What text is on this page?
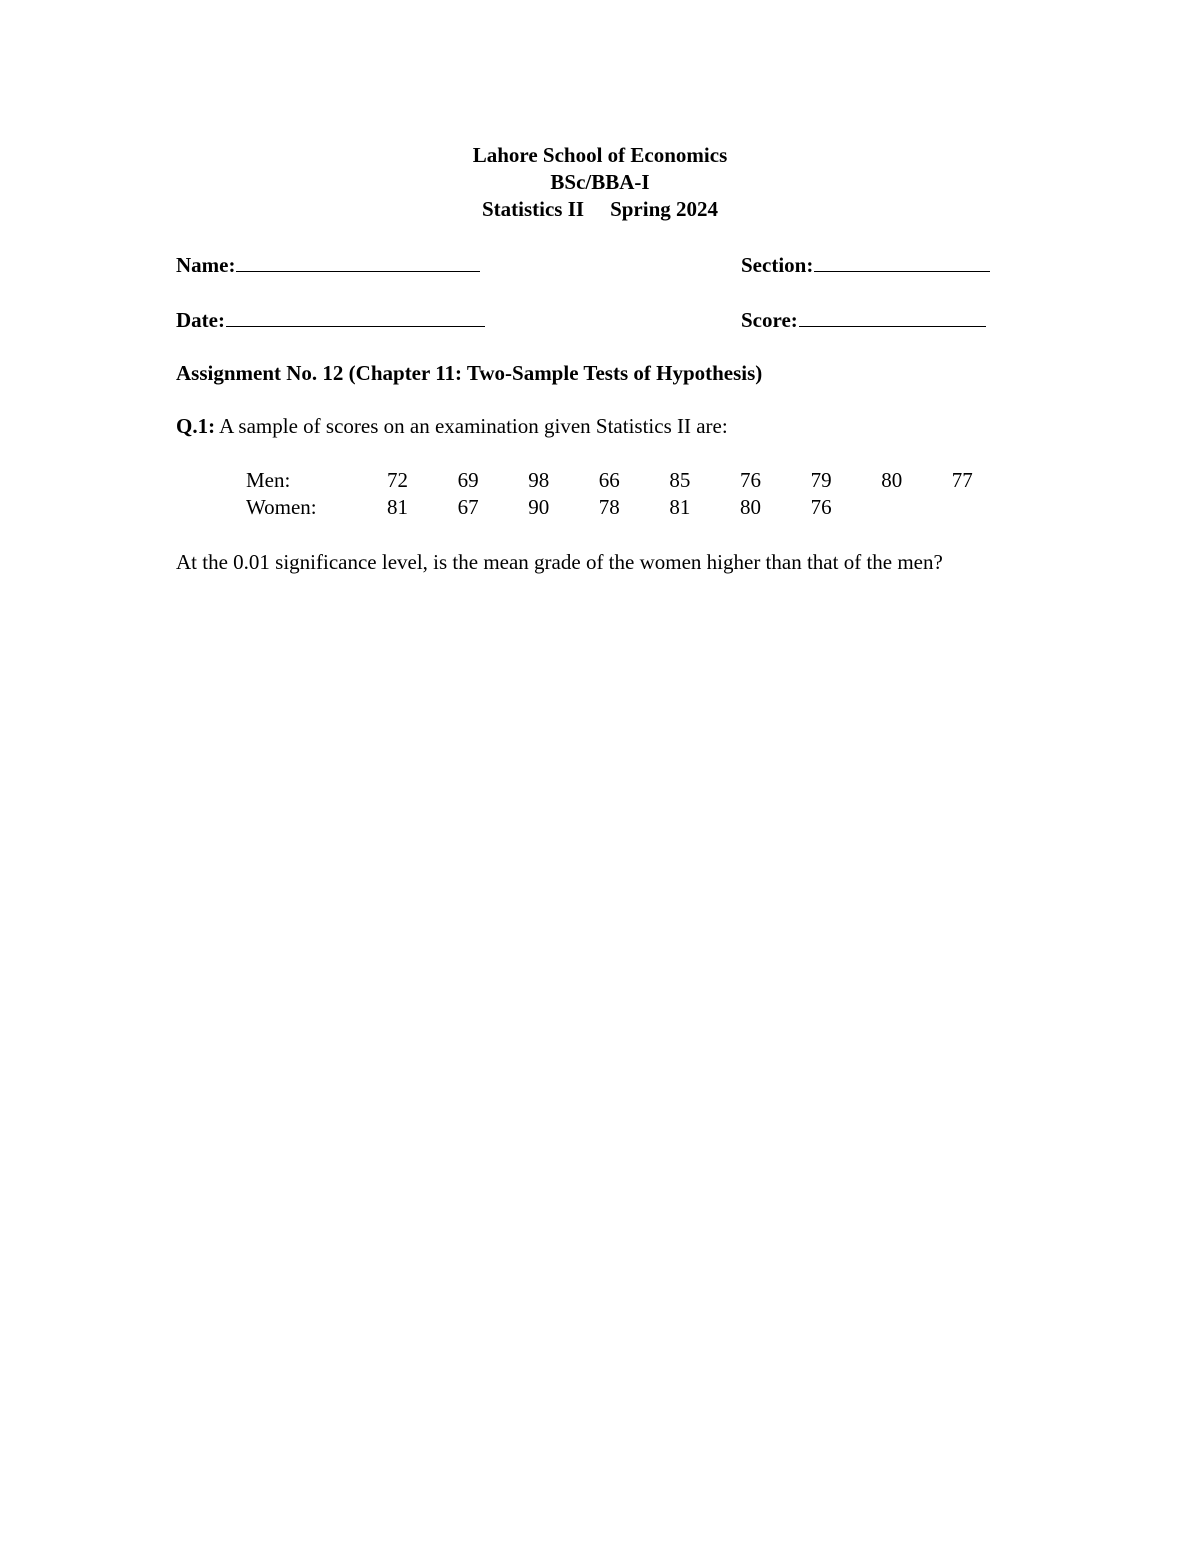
Lahore School of Economics
BSc/BBA-I
Statistics II Spring 2024
Name:	Section:
Date:	Score:
Assignment No. 12 (Chapter 11: Two-Sample Tests of Hypothesis)
Q.1: A sample of scores on an examination given Statistics II are:
Men:	72 69 98 66 85 76 79 80 77
Women:	81 67 90 78 81 80 76
At the 0.01 significance level, is the mean grade of the women higher than that of the men?
